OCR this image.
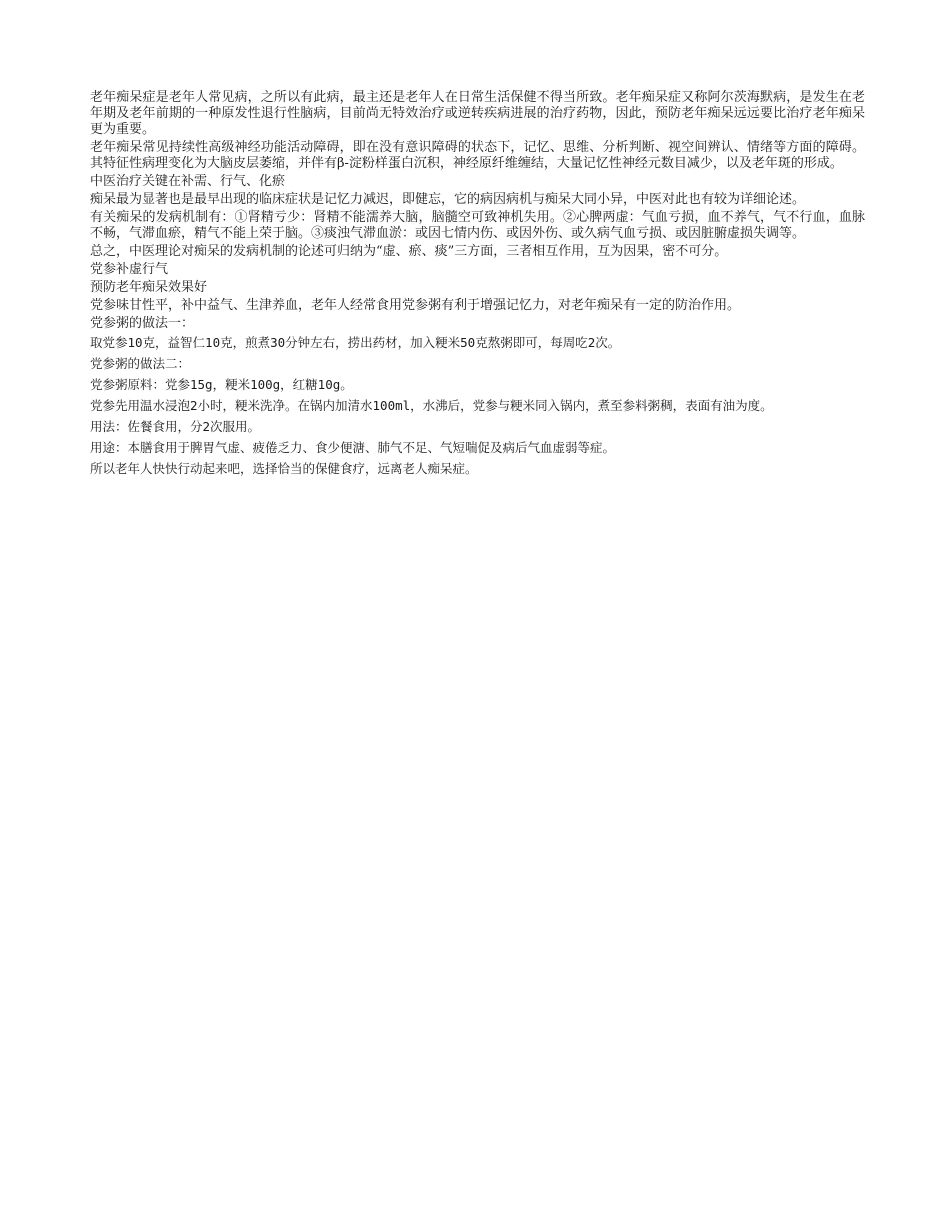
老年痴呆症是老年人常见病，之所以有此病，最主还是老年人在日常生活保健不得当所致。老年痴呆症又称阿尔茨海默病，是发生在老年期及老年前期的一种原发性退行性脑病，目前尚无特效治疗或逆转疾病进展的治疗药物，因此，预防老年痴呆远远要比治疗老年痴呆更为重要。

老年痴呆常见持续性高级神经功能活动障碍，即在没有意识障碍的状态下，记忆、思维、分析判断、视空间辨认、情绪等方面的障碍。其特征性病理变化为大脑皮层萎缩，并伴有β-淀粉样蛋白沉积，神经原纤维缠结，大量记忆性神经元数目减少，以及老年斑的形成。

中医治疗关键在补需、行气、化瘀

痴呆最为显著也是最早出现的临床症状是记忆力减迟，即健忘，它的病因病机与痴呆大同小异，中医对此也有较为详细论述。

有关痴呆的发病机制有：①肾精亏少：肾精不能濡养大脑，脑髓空可致神机失用。②心脾两虚：气血亏损，血不养气，气不行血，血脉不畅，气滞血瘀，精气不能上荣于脑。③痰浊气滞血淤：或因七情内伤、或因外伤、或久病气血亏损、或因脏腑虚损失调等。

总之，中医理论对痴呆的发病机制的论述可归纳为“虚、瘀、痰”三方面，三者相互作用，互为因果，密不可分。

党参补虚行气

预防老年痴呆效果好

党参味甘性平，补中益气、生津养血，老年人经常食用党参粥有利于增强记忆力，对老年痴呆有一定的防治作用。

党参粥的做法一：

取党参10克，益智仁10克，煎煮30分钟左右，捞出药材，加入粳米50克熬粥即可，每周吃2次。

党参粥的做法二：

党参粥原料：党参15g，粳米100g，红糖10g。

党参先用温水浸泡2小时，粳米洗净。在锅内加清水100ml，水沸后，党参与粳米同入锅内，煮至参料粥稠，表面有油为度。

用法：佐餐食用，分2次服用。

用途：本膳食用于脾胃气虚、疲倦乏力、食少便溏、肺气不足、气短喘促及病后气血虚弱等症。

所以老年人快快行动起来吧，选择恰当的保健食疗，远离老人痴呆症。
